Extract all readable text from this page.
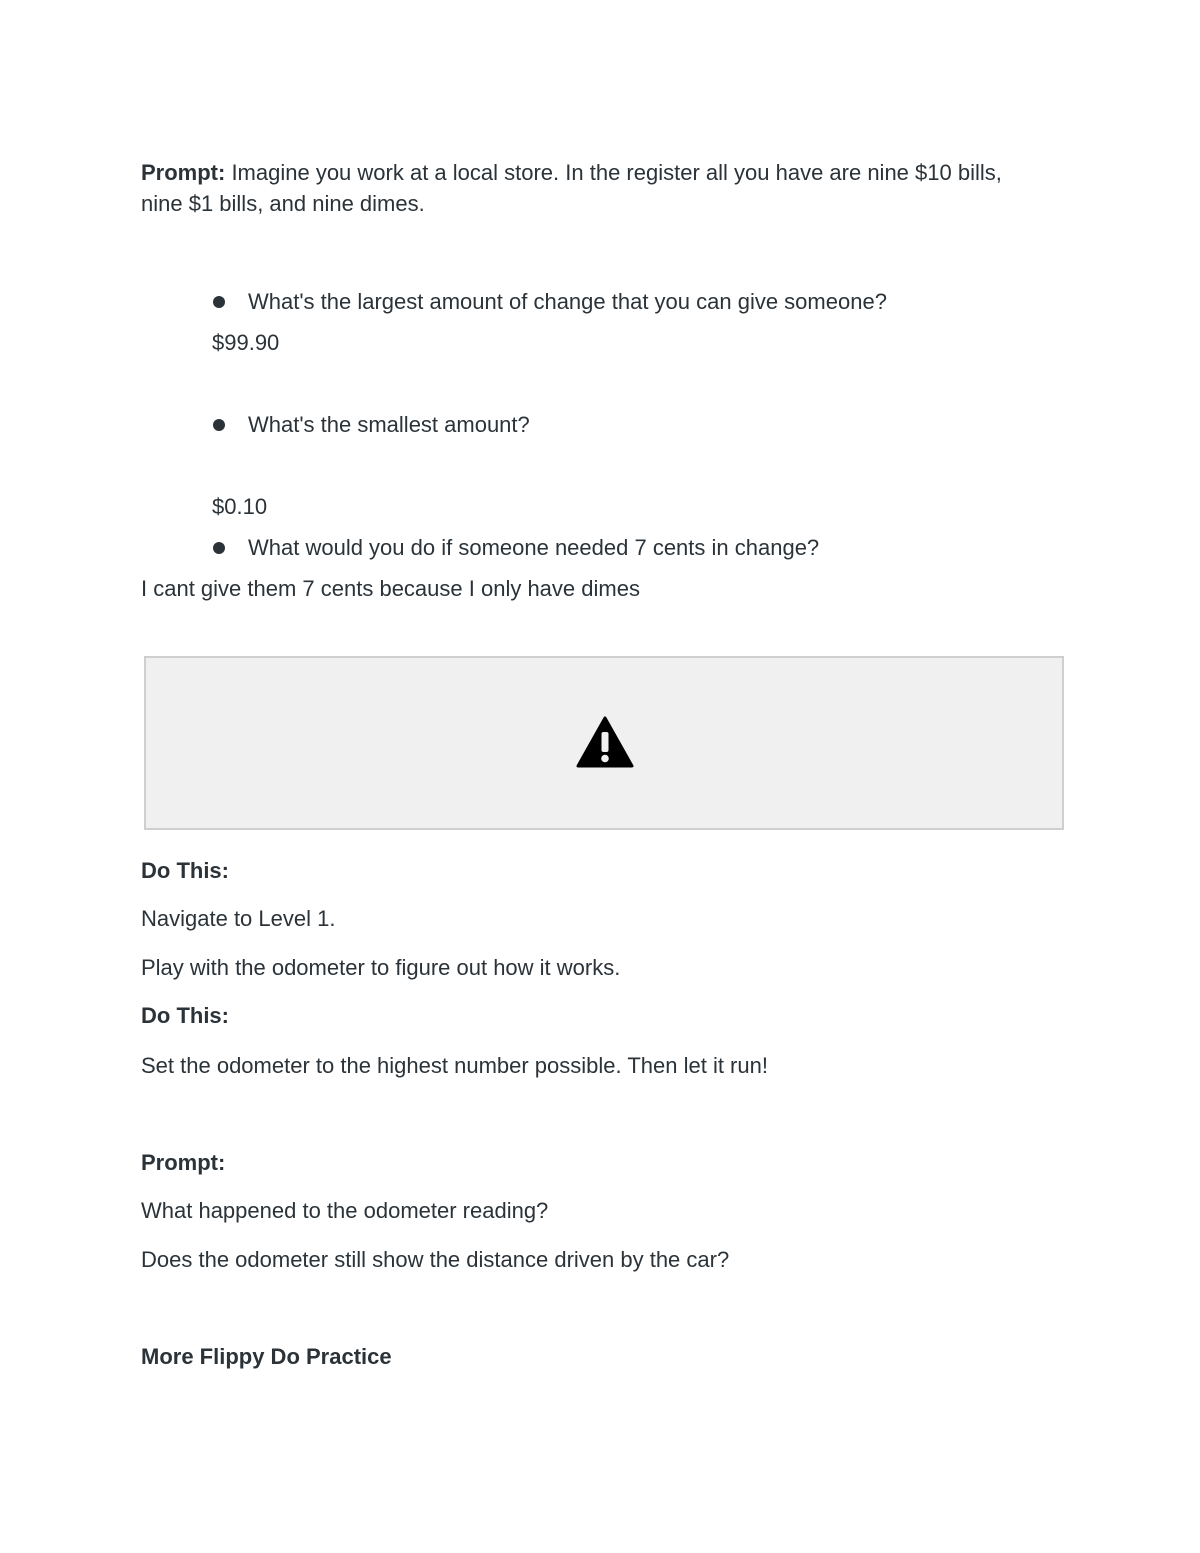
Prompt: Imagine you work at a local store. In the register all you have are nine $10 bills, nine $1 bills, and nine dimes.

What's the largest amount of change that you can give someone?

$99.90

What's the smallest amount?

$0.10

What would you do if someone needed 7 cents in change?

I cant give them 7 cents because I only have dimes

Do This:

Navigate to Level 1.

Play with the odometer to figure out how it works.

Do This:

Set the odometer to the highest number possible. Then let it run!

Prompt:

What happened to the odometer reading?

Does the odometer still show the distance driven by the car?

More Flippy Do Practice
